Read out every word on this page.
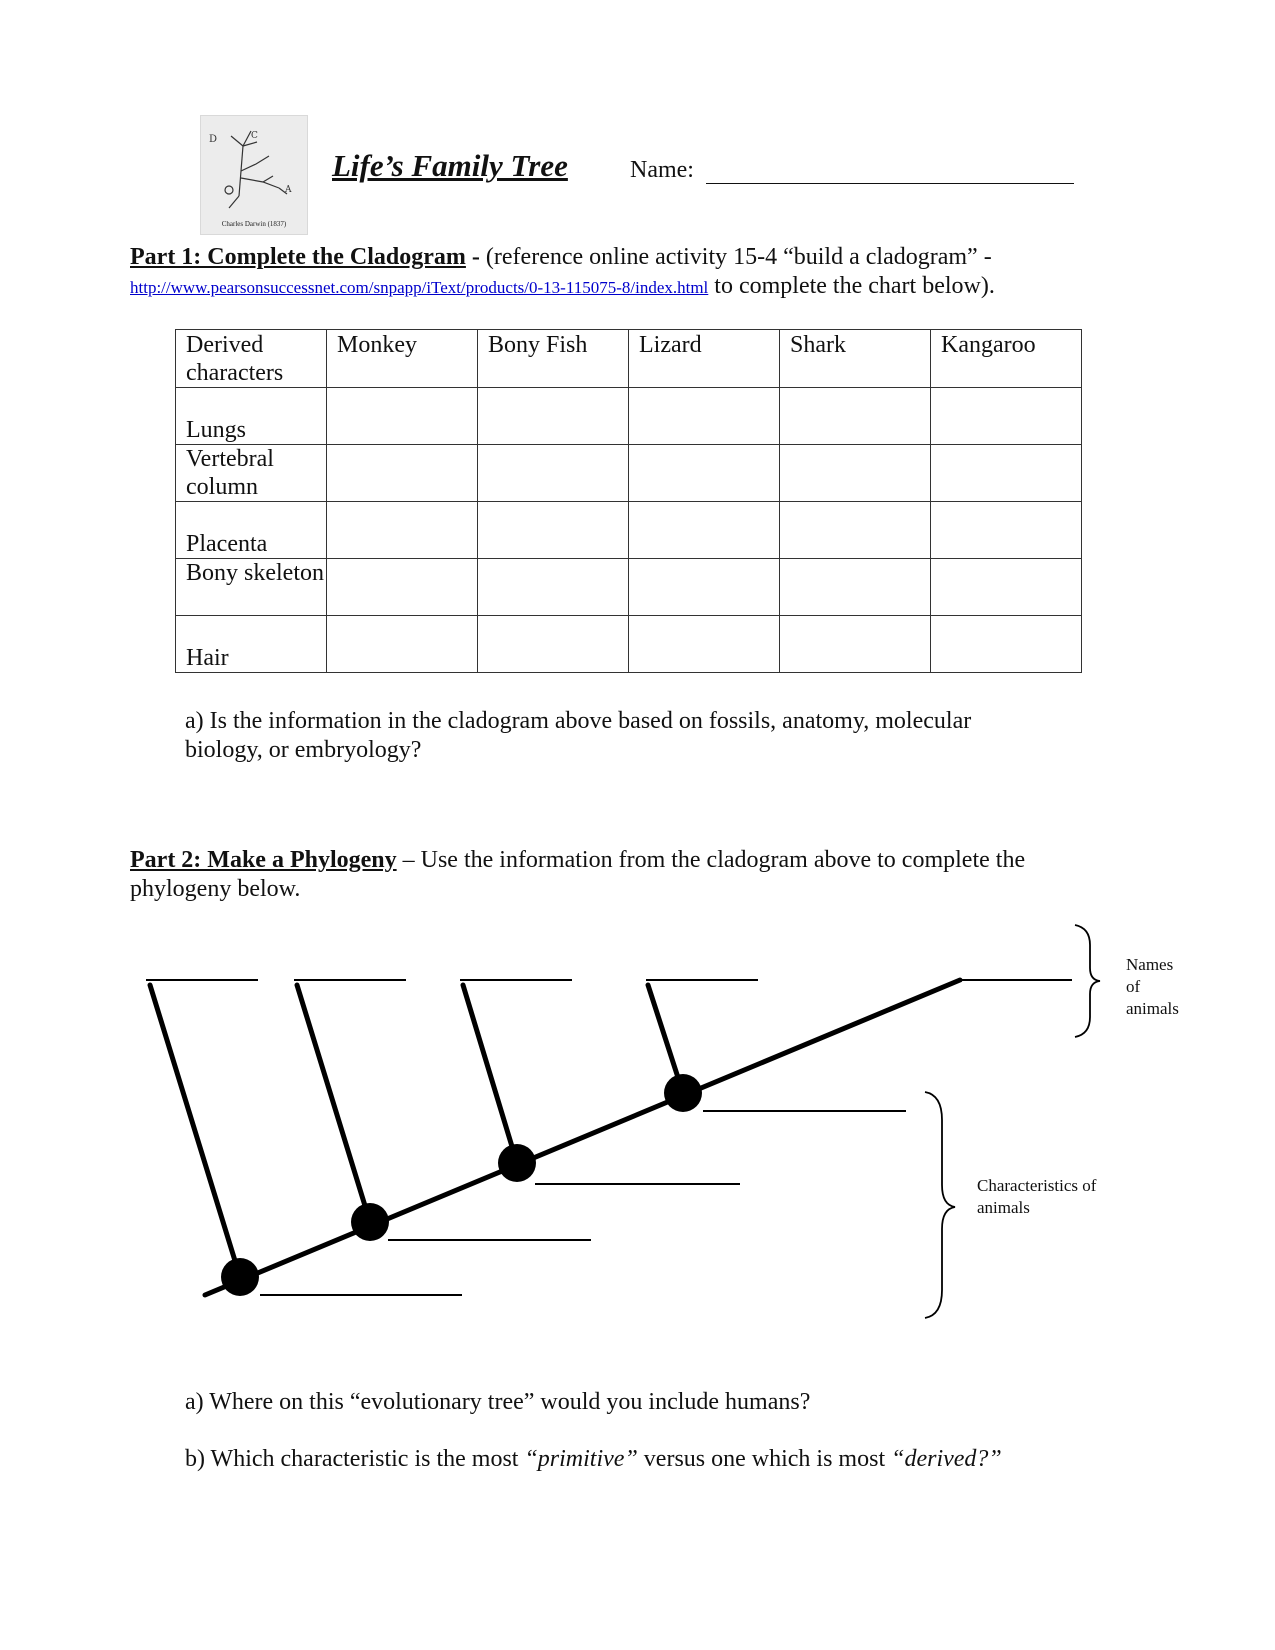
D	C
A
Charles Darwin (1837)
Life’s Family Tree	Name:
Part 1: Complete the Cladogram - (reference online activity 15-4 “build a cladogram” -
http://www.pearsonsuccessnet.com/snpapp/iText/products/0-13-115075-8/index.html to complete the chart below).
Derived characters	Monkey	Bony Fish	Lizard	Shark	Kangaroo
Lungs					
Vertebral column					
Placenta					
Bony skeleton					
Hair					
a) Is the information in the cladogram above based on fossils, anatomy, molecular biology, or embryology?
Part 2: Make a Phylogeny – Use the information from the cladogram above to complete the phylogeny below.
Names
of
animals
Characteristics of
animals
a) Where on this “evolutionary tree” would you include humans?
b) Which characteristic is the most “primitive” versus one which is most “derived?”
